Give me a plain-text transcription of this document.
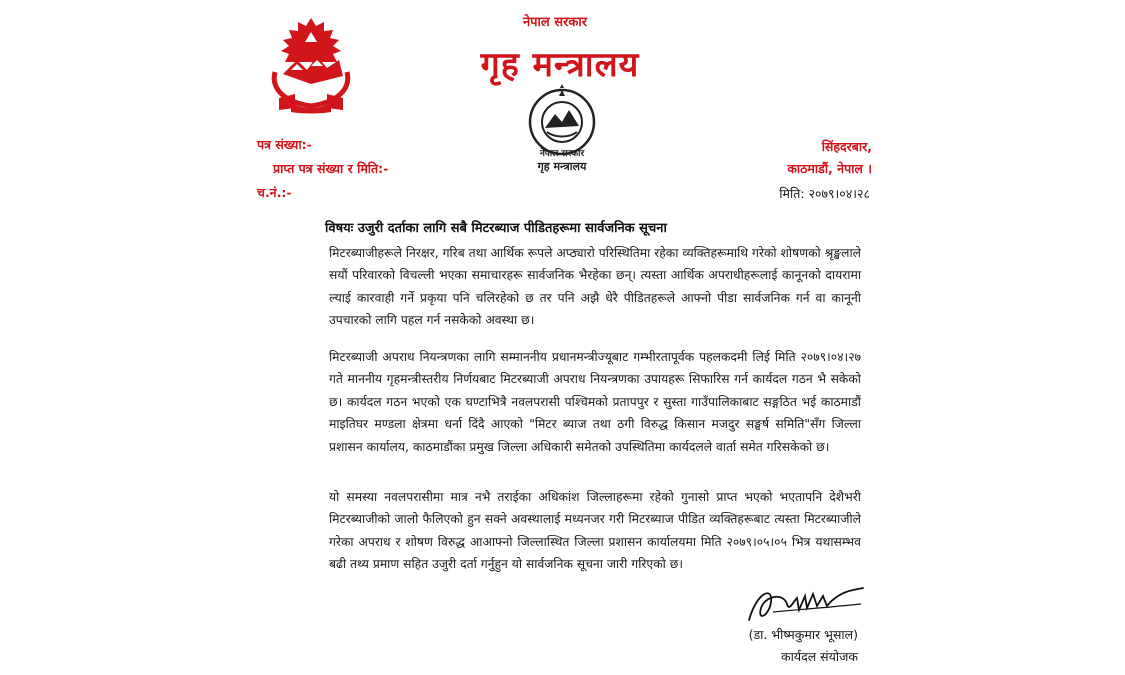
नेपाल सरकार
गृह मन्त्रालय
नेपाल सरकार
गृह मन्त्रालय
पत्र संख्या:-
प्राप्त पत्र संख्या र मिति:-
च.नं.:-
सिंहदरबार,
काठमाडौं, नेपाल ।
मिति: २०७९।०४।२८
विषयः उजुरी दर्ताका लागि सबै मिटरब्याज पीडितहरूमा सार्वजनिक सूचना

मिटरब्याजीहरूले निरक्षर, गरिब तथा आर्थिक रूपले अप्ठ्यारो परिस्थितिमा रहेका व्यक्तिहरूमाथि गरेको शोषणको श्रृङ्खलाले सयौं परिवारको विचल्ली भएका समाचारहरू सार्वजनिक भैरहेका छन्। त्यस्ता आर्थिक अपराधीहरूलाई कानूनको दायरामा ल्याई कारवाही गर्ने प्रकृया पनि चलिरहेको छ तर पनि अझै धेरै पीडितहरूले आफ्नो पीडा सार्वजनिक गर्न वा कानूनी उपचारको लागि पहल गर्न नसकेको अवस्था छ।

मिटरब्याजी अपराध नियन्त्रणका लागि सम्माननीय प्रधानमन्त्रीज्यूबाट गम्भीरतापूर्वक पहलकदमी लिई मिति २०७९।०४।२७ गते माननीय गृहमन्त्रीस्तरीय निर्णयबाट मिटरब्याजी अपराध नियन्त्रणका उपायहरू सिफारिस गर्न कार्यदल गठन भै सकेको छ। कार्यदल गठन भएको एक घण्टाभित्रै नवलपरासी पश्चिमको प्रतापपुर र सुस्ता गाउँपालिकाबाट सङ्गठित भई काठमाडौं माइतिघर मण्डला क्षेत्रमा धर्ना दिंदै आएको "मिटर ब्याज तथा ठगी विरुद्ध किसान मजदुर सङ्घर्ष समिति"सँग जिल्ला प्रशासन कार्यालय, काठमाडौंका प्रमुख जिल्ला अधिकारी समेतको उपस्थितिमा कार्यदलले वार्ता समेत गरिसकेको छ।

यो समस्या नवलपरासीमा मात्र नभै तराईका अधिकांश जिल्लाहरूमा रहेको गुनासो प्राप्त भएको भएतापनि देशैभरी मिटरब्याजीको जालो फैलिएको हुन सक्ने अवस्थालाई मध्यनजर गरी मिटरब्याज पीडित व्यक्तिहरूबाट त्यस्ता मिटरब्याजीले गरेका अपराध र शोषण विरुद्ध आआफ्नो जिल्लास्थित जिल्ला प्रशासन कार्यालयमा मिति २०७९।०५।०५ भित्र यथासम्भव बढी तथ्य प्रमाण सहित उजुरी दर्ता गर्नुहुन यो सार्वजनिक सूचना जारी गरिएको छ।

(डा. भीष्मकुमार भूसाल)
कार्यदल संयोजक
